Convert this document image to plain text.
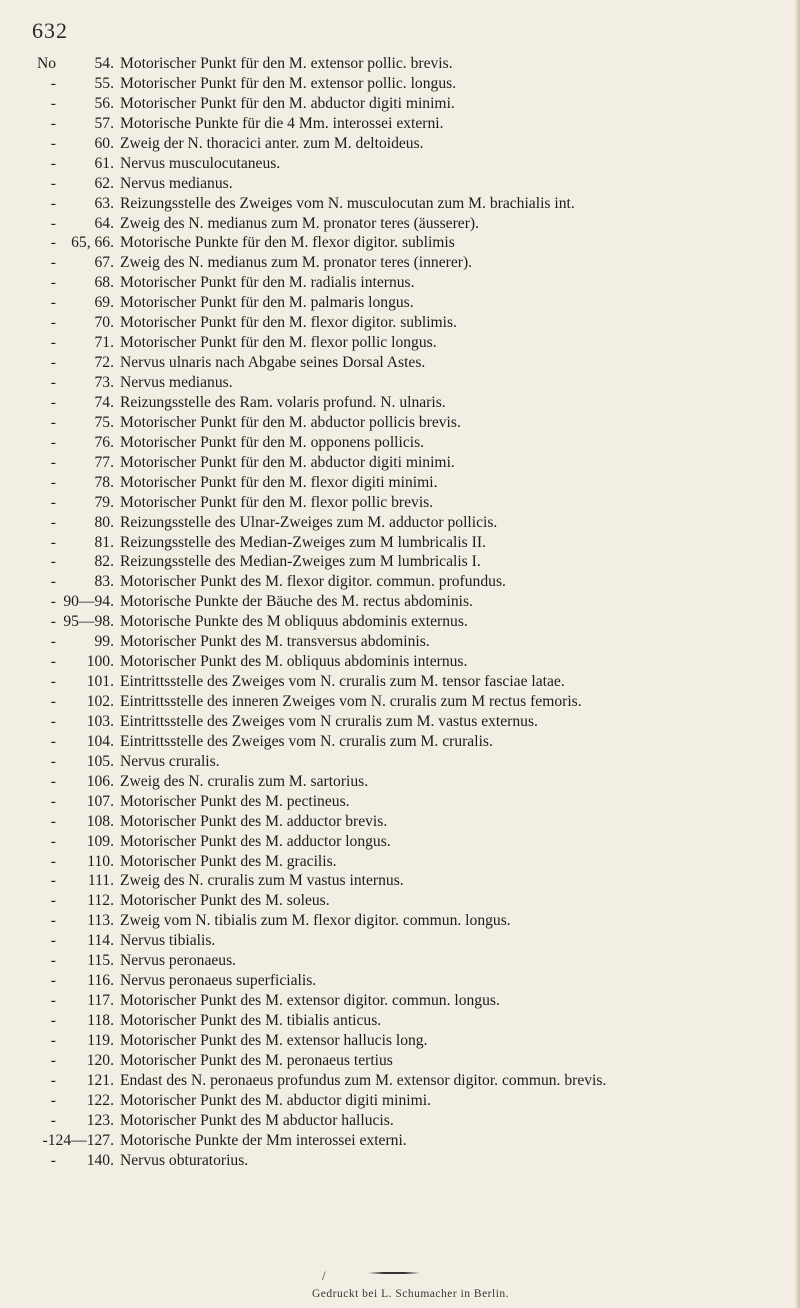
632
No 54. Motorischer Punkt für den M. extensor pollic. brevis.
- 55. Motorischer Punkt für den M. extensor pollic. longus.
- 56. Motorischer Punkt für den M. abductor digiti minimi.
- 57. Motorische Punkte für die 4 Mm. interossei externi.
- 60. Zweig der N. thoracici anter. zum M. deltoideus.
- 61. Nervus musculocutaneus.
- 62. Nervus medianus.
- 63. Reizungsstelle des Zweiges vom N. musculocutan zum M. brachialis int.
- 64. Zweig des N. medianus zum M. pronator teres (äusserer).
- 65, 66. Motorische Punkte für den M. flexor digitor. sublimis
- 67. Zweig des N. medianus zum M. pronator teres (innerer).
- 68. Motorischer Punkt für den M. radialis internus.
- 69. Motorischer Punkt für den M. palmaris longus.
- 70. Motorischer Punkt für den M. flexor digitor. sublimis.
- 71. Motorischer Punkt für den M. flexor pollic longus.
- 72. Nervus ulnaris nach Abgabe seines Dorsal Astes.
- 73. Nervus medianus.
- 74. Reizungsstelle des Ram. volaris profund. N. ulnaris.
- 75. Motorischer Punkt für den M. abductor pollicis brevis.
- 76. Motorischer Punkt für den M. opponens pollicis.
- 77. Motorischer Punkt für den M. abductor digiti minimi.
- 78. Motorischer Punkt für den M. flexor digiti minimi.
- 79. Motorischer Punkt für den M. flexor pollic brevis.
- 80. Reizungsstelle des Ulnar-Zweiges zum M. adductor pollicis.
- 81. Reizungsstelle des Median-Zweiges zum M lumbricalis II.
- 82. Reizungsstelle des Median-Zweiges zum M lumbricalis I.
- 83. Motorischer Punkt des M. flexor digitor. commun. profundus.
- 90—94. Motorische Punkte der Bäuche des M. rectus abdominis.
- 95—98. Motorische Punkte des M obliquus abdominis externus.
- 99. Motorischer Punkt des M. transversus abdominis.
- 100. Motorischer Punkt des M. obliquus abdominis internus.
- 101. Eintrittsstelle des Zweiges vom N. cruralis zum M. tensor fasciae latae.
- 102. Eintrittsstelle des inneren Zweiges vom N. cruralis zum M rectus femoris.
- 103. Eintrittsstelle des Zweiges vom N cruralis zum M. vastus externus.
- 104. Eintrittsstelle des Zweiges vom N. cruralis zum M. cruralis.
- 105. Nervus cruralis.
- 106. Zweig des N. cruralis zum M. sartorius.
- 107. Motorischer Punkt des M. pectineus.
- 108. Motorischer Punkt des M. adductor brevis.
- 109. Motorischer Punkt des M. adductor longus.
- 110. Motorischer Punkt des M. gracilis.
- 111. Zweig des N. cruralis zum M vastus internus.
- 112. Motorischer Punkt des M. soleus.
- 113. Zweig vom N. tibialis zum M. flexor digitor. commun. longus.
- 114. Nervus tibialis.
- 115. Nervus peronaeus.
- 116. Nervus peronaeus superficialis.
- 117. Motorischer Punkt des M. extensor digitor. commun. longus.
- 118. Motorischer Punkt des M. tibialis anticus.
- 119. Motorischer Punkt des M. extensor hallucis long.
- 120. Motorischer Punkt des M. peronaeus tertius
- 121. Endast des N. peronaeus profundus zum M. extensor digitor. commun. brevis.
- 122. Motorischer Punkt des M. abductor digiti minimi.
- 123. Motorischer Punkt des M abductor hallucis.
- 124—127. Motorische Punkte der Mm interossei externi.
- 140. Nervus obturatorius.
/
Gedruckt bei L. Schumacher in Berlin.
